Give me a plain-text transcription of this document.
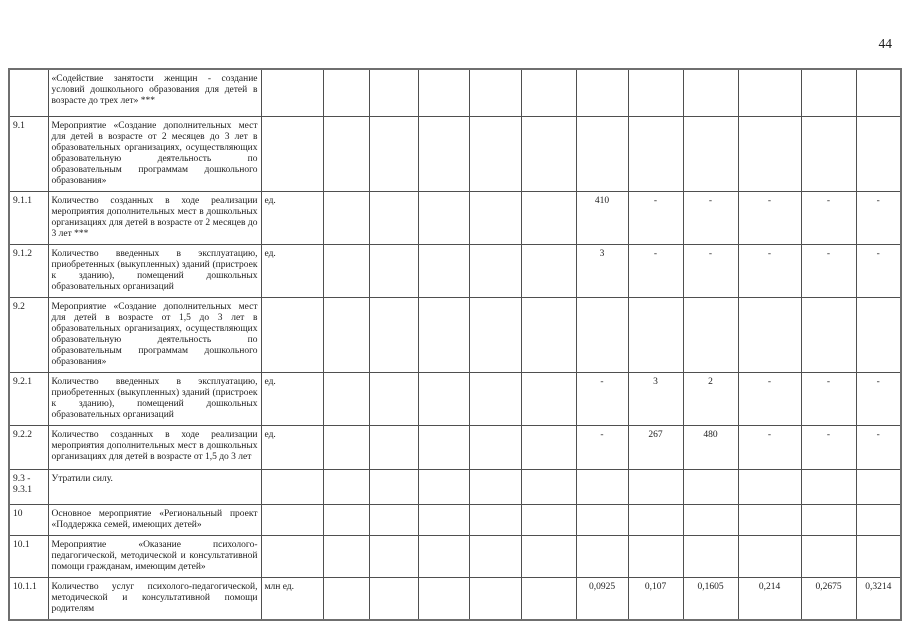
44
	«Содействие занятости женщин - создание условий дошкольного образования для детей в возрасте до трех лет» ***												
9.1	Мероприятие «Создание дополнительных мест для детей в возрасте от 2 месяцев до 3 лет в образовательных организациях, осуществляющих образовательную деятельность по образовательным программам дошкольного образования»												
9.1.1	Количество созданных в ходе реализации мероприятия дополнительных мест в дошкольных организациях для детей в возрасте от 2 месяцев до 3 лет ***	ед.						410	-	-	-	-	-
9.1.2	Количество введенных в эксплуатацию, приобретенных (выкупленных) зданий (пристроек к зданию), помещений дошкольных образовательных организаций	ед.						3	-	-	-	-	-
9.2	Мероприятие «Создание дополнительных мест для детей в возрасте от 1,5 до 3 лет в образовательных организациях, осуществляющих образовательную деятельность по образовательным программам дошкольного образования»												
9.2.1	Количество введенных в эксплуатацию, приобретенных (выкупленных) зданий (пристроек к зданию), помещений дошкольных образовательных организаций	ед.						-	3	2	-	-	-
9.2.2	Количество созданных в ходе реализации мероприятия дополнительных мест в дошкольных организациях для детей в возрасте от 1,5 до 3 лет	ед.						-	267	480	-	-	-
9.3 - 9.3.1	Утратили силу.												
10	Основное мероприятие «Региональный проект «Поддержка семей, имеющих детей»												
10.1	Мероприятие «Оказание психолого-педагогической, методической и консультативной помощи гражданам, имеющим детей»												
10.1.1	Количество услуг психолого-педагогической, методической и консультативной помощи родителям	млн ед.						0,0925	0,107	0,1605	0,214	0,2675	0,3214
